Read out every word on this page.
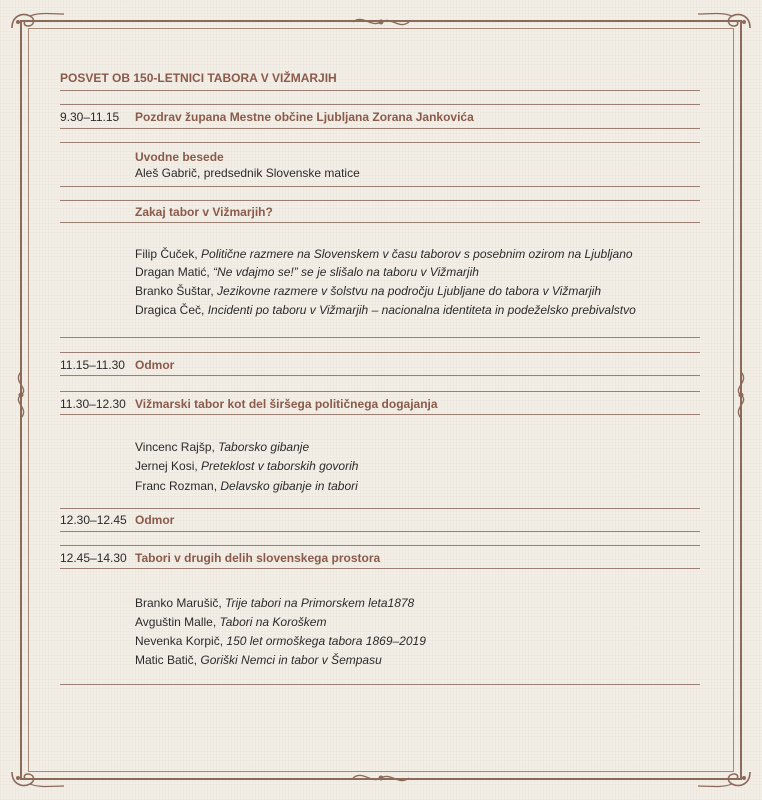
POSVET OB 150-LETNICI TABORA V VIŽMARJIH
9.30–11.15 Pozdrav župana Mestne občine Ljubljana Zorana Jankovića
Uvodne besede
Aleš Gabrič, predsednik Slovenske matice
Zakaj tabor v Vižmarjih?
Filip Čuček, Politične razmere na Slovenskem v času taborov s posebnim ozirom na Ljubljano
Dragan Matić, “Ne vdajmo se!” se je slišalo na taboru v Vižmarjih
Branko Šuštar, Jezikovne razmere v šolstvu na področju Ljubljane do tabora v Vižmarjih
Dragica Čeč, Incidenti po taboru v Vižmarjih – nacionalna identiteta in podeželsko prebivalstvo
11.15–11.30 Odmor
11.30–12.30 Vižmarski tabor kot del širšega političnega dogajanja
Vincenc Rajšp, Taborsko gibanje
Jernej Kosi, Preteklost v taborskih govorih
Franc Rozman, Delavsko gibanje in tabori
12.30–12.45 Odmor
12.45–14.30 Tabori v drugih delih slovenskega prostora
Branko Marušič, Trije tabori na Primorskem leta1878
Avguštin Malle, Tabori na Koroškem
Nevenka Korpič, 150 let ormoškega tabora 1869–2019
Matic Batič, Goriški Nemci in tabor v Šempasu
